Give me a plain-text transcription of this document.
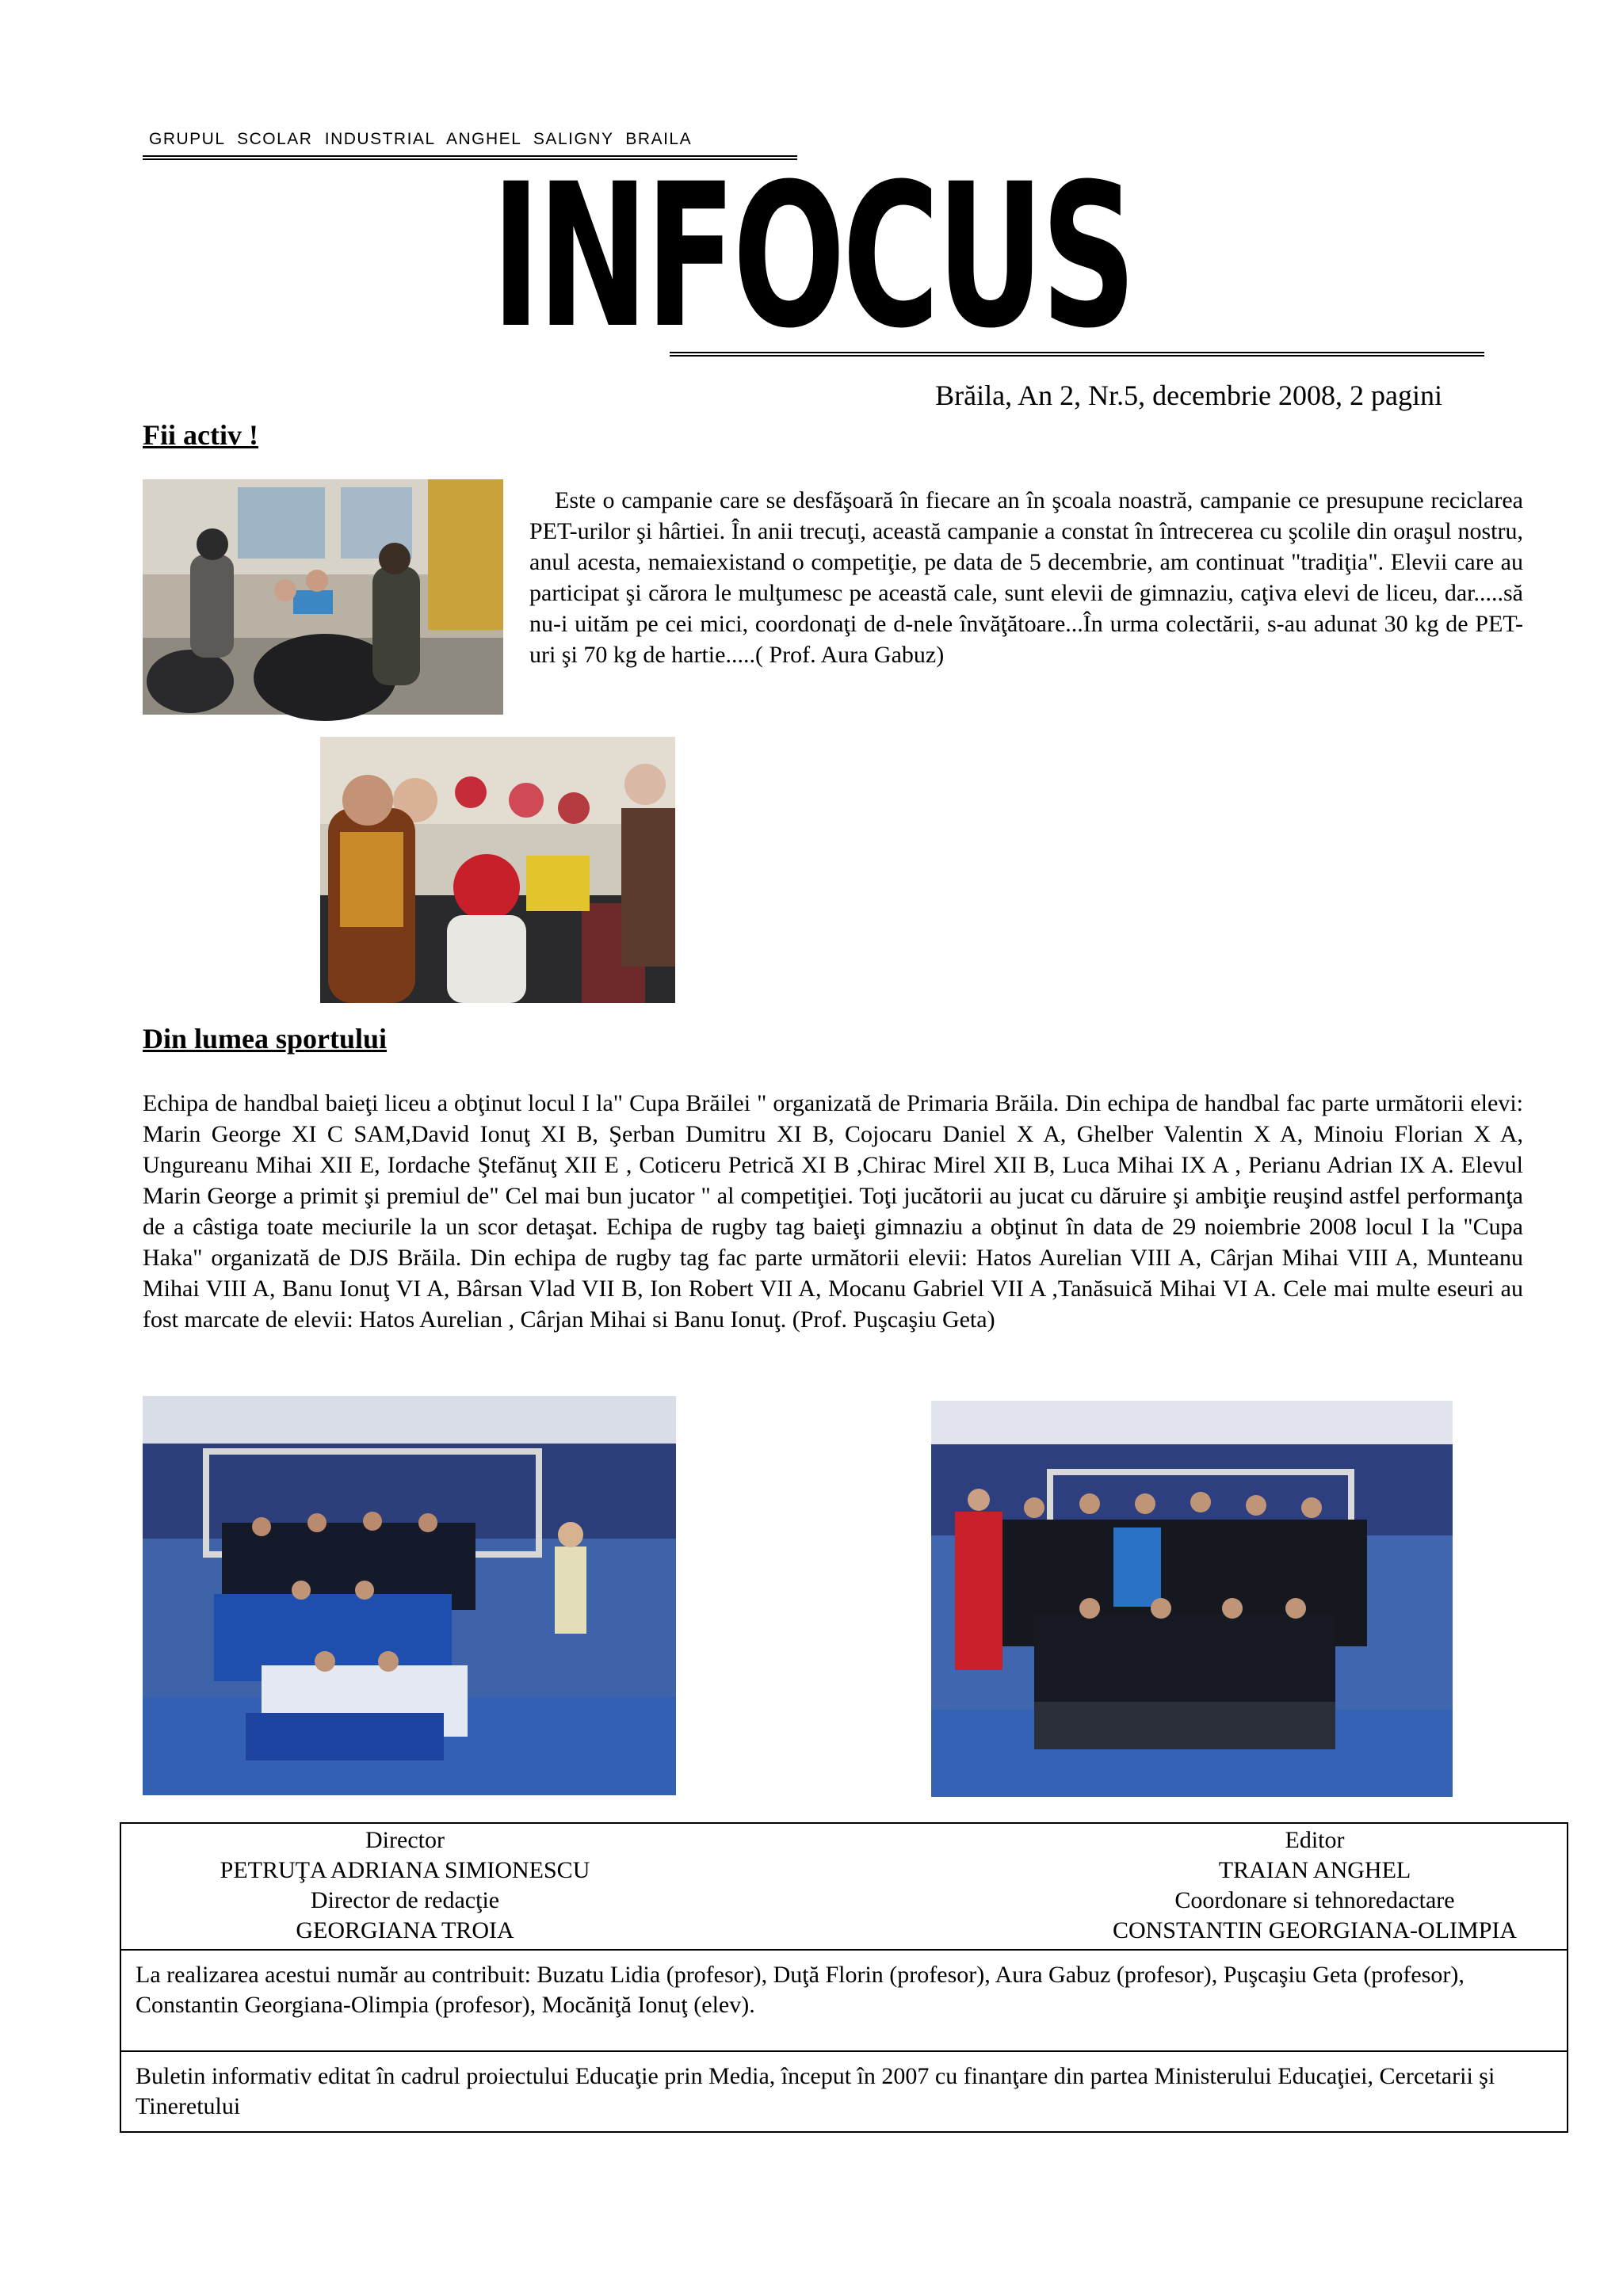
GRUPUL SCOLAR INDUSTRIAL ANGHEL SALIGNY BRAILA
INFOCUS
Brăila, An 2, Nr.5, decembrie 2008, 2 pagini
Fii activ !
Este o campanie care se desfăşoară în fiecare an în şcoala noastră, campanie ce presupune reciclarea PET-urilor şi hârtiei. În anii trecuţi, această campanie a constat în întrecerea cu şcolile din oraşul nostru, anul acesta, nemaiexistand o competiţie, pe data de 5 decembrie, am continuat "tradiţia". Elevii care au participat şi cărora le mulţumesc pe această cale, sunt elevii de gimnaziu, caţiva elevi de liceu, dar.....să nu-i uităm pe cei mici, coordonaţi de d-nele învăţătoare...În urma colectării, s-au adunat 30 kg de PET-uri şi 70 kg de hartie.....( Prof. Aura Gabuz)
Din lumea sportului
Echipa de handbal baieţi liceu a obţinut locul I la" Cupa Brăilei " organizată de Primaria Brăila. Din echipa de handbal fac parte următorii elevi: Marin George XI C SAM,David Ionuţ XI B, Şerban Dumitru XI B, Cojocaru Daniel X A, Ghelber Valentin X A, Minoiu Florian X A, Ungureanu Mihai XII E, Iordache Ştefănuţ XII E , Coticeru Petrică XI B ,Chirac Mirel XII B, Luca Mihai IX A , Perianu Adrian IX A. Elevul Marin George a primit şi premiul de" Cel mai bun jucator " al competiţiei. Toţi jucătorii au jucat cu dăruire şi ambiţie reuşind astfel performanţa de a câstiga toate meciurile la un scor detaşat. Echipa de rugby tag baieţi gimnaziu a obţinut în data de 29 noiembrie 2008 locul I la "Cupa Haka" organizată de DJS Brăila. Din echipa de rugby tag fac parte următorii elevii: Hatos Aurelian VIII A, Cârjan Mihai VIII A, Munteanu Mihai VIII A, Banu Ionuţ VI A, Bârsan Vlad VII B, Ion Robert VII A, Mocanu Gabriel VII A ,Tanăsuică Mihai VI A. Cele mai multe eseuri au fost marcate de elevii: Hatos Aurelian , Cârjan Mihai si Banu Ionuţ. (Prof. Puşcaşiu Geta)
Director
PETRUŢA ADRIANA SIMIONESCU
Director de redacţie
GEORGIANA TROIA
Editor
TRAIAN ANGHEL
Coordonare si tehnoredactare
CONSTANTIN GEORGIANA-OLIMPIA

La realizarea acestui număr au contribuit: Buzatu Lidia (profesor), Duţă Florin (profesor), Aura Gabuz (profesor), Puşcaşiu Geta (profesor), Constantin Georgiana-Olimpia (profesor), Mocăniţă Ionuţ (elev).
Buletin informativ editat în cadrul proiectului Educaţie prin Media, început în 2007 cu finanţare din partea Ministerului Educaţiei, Cercetarii şi Tineretului
